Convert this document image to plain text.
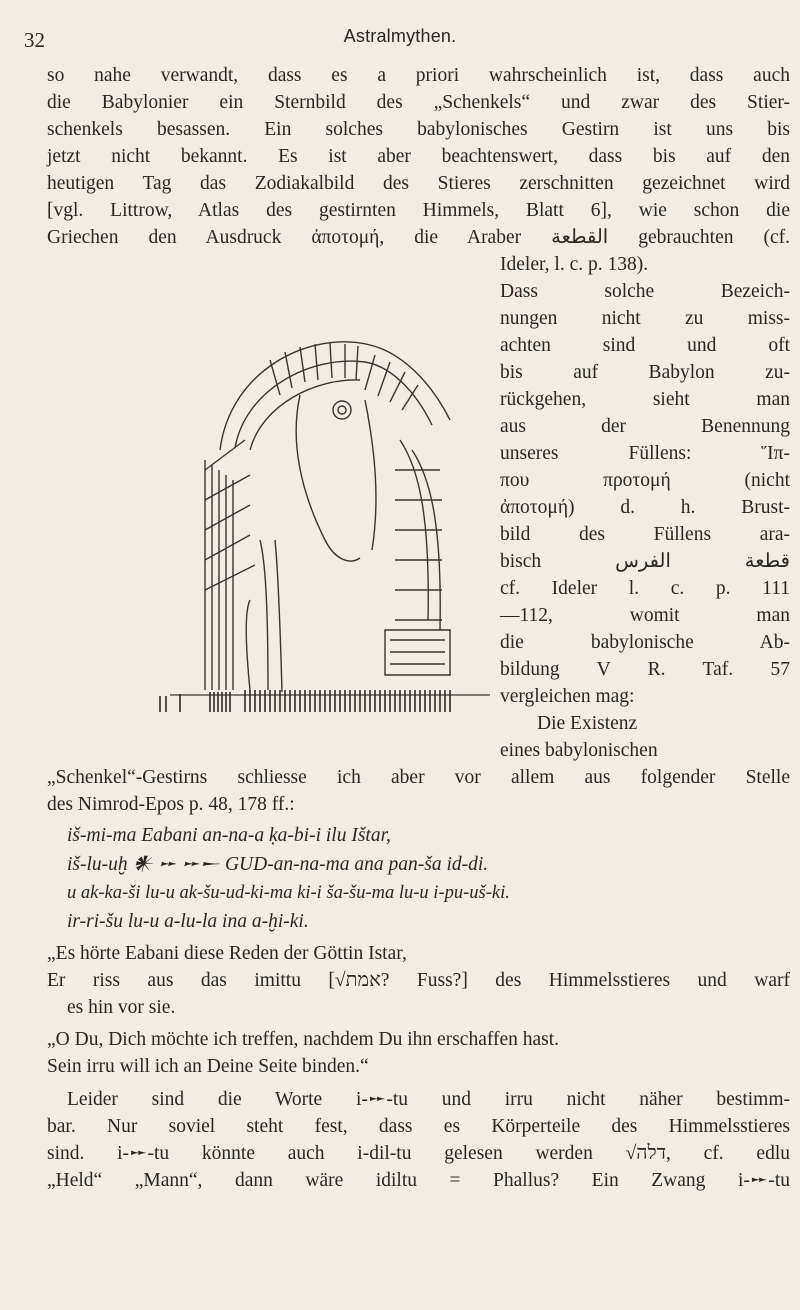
32	Astralmythen.
so nahe verwandt, dass es a priori wahrscheinlich ist, dass auch
die Babylonier ein Sternbild des „Schenkels“ und zwar des Stier-
schenkels besassen. Ein solches babylonisches Gestirn ist uns bis
jetzt nicht bekannt. Es ist aber beachtenswert, dass bis auf den
heutigen Tag das Zodiakalbild des Stieres zerschnitten gezeichnet wird
[vgl. Littrow, Atlas des gestirnten Himmels, Blatt 6], wie schon die
Griechen den Ausdruck ἀποτομή, die Araber القطعة gebrauchten (cf.
Ideler, l. c. p. 138).
Dass solche Bezeich-
nungen nicht zu miss-
achten sind und oft
bis auf Babylon zu-
rückgehen, sieht man
aus der Benennung
unseres Füllens: Ἵπ-
που προτομή (nicht
ἀποτομή) d. h. Brust-
bild des Füllens ara-
bisch قطعة الفرس
cf. Ideler l. c. p. 111
—112, womit man
die babylonische Ab-
bildung V R. Taf. 57
vergleichen mag:
Die Existenz
eines babylonischen
„Schenkel“-Gestirns schliesse ich aber vor allem aus folgender Stelle
des Nimrod-Epos p. 48, 178 ff.:
iš-mi-ma Eabani an-na-a ḳa-bi-i ilu Ištar,
iš-lu-uḫ 𒀭 𒐀 𒐀𒀸 GUD-an-na-ma ana pan-ša id-di.
u ak-ka-ši lu-u ak-šu-ud-ki-ma ki-i ša-šu-ma lu-u i-pu-uš-ki.
ir-ri-šu lu-u a-lu-la ina a-ḫi-ki.
„Es hörte Eabani diese Reden der Göttin Istar,
Er riss aus das imittu [√אמת? Fuss?] des Himmelsstieres und warf
es hin vor sie.
„O Du, Dich möchte ich treffen, nachdem Du ihn erschaffen hast.
Sein irru will ich an Deine Seite binden.“
Leider sind die Worte i-𒐀-tu und irru nicht näher bestimm-
bar. Nur soviel steht fest, dass es Körperteile des Himmelsstieres
sind. i-𒐀-tu könnte auch i-dil-tu gelesen werden √דלה, cf. edlu
„Held“ „Mann“, dann wäre idiltu = Phallus? Ein Zwang i-𒐀-tu
